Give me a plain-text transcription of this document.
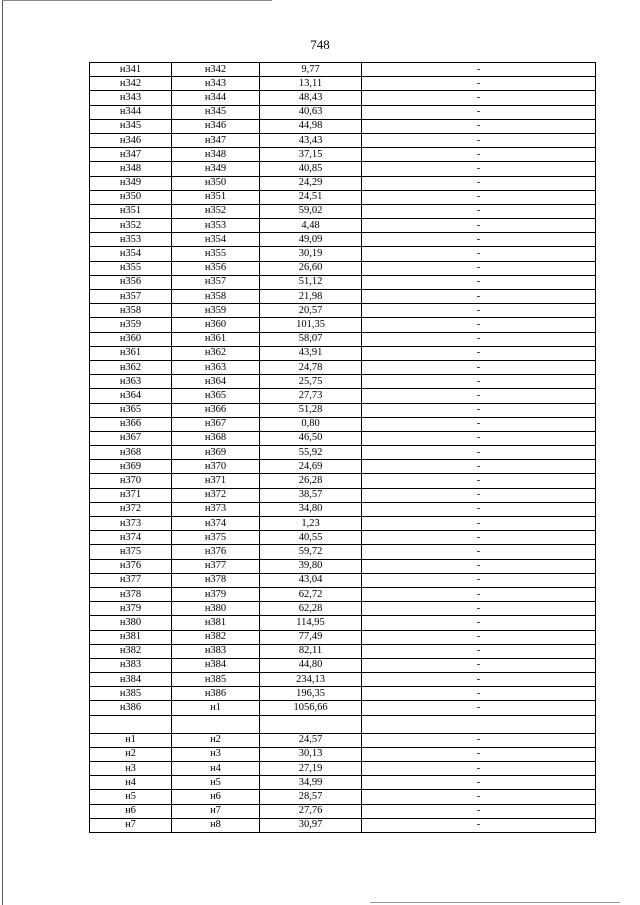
748
н341	н342	9,77	-
н342	н343	13,11	-
н343	н344	48,43	-
н344	н345	40,63	-
н345	н346	44,98	-
н346	н347	43,43	-
н347	н348	37,15	-
н348	н349	40,85	-
н349	н350	24,29	-
н350	н351	24,51	-
н351	н352	59,02	-
н352	н353	4,48	-
н353	н354	49,09	-
н354	н355	30,19	-
н355	н356	26,60	-
н356	н357	51,12	-
н357	н358	21,98	-
н358	н359	20,57	-
н359	н360	101,35	-
н360	н361	58,07	-
н361	н362	43,91	-
н362	н363	24,78	-
н363	н364	25,75	-
н364	н365	27,73	-
н365	н366	51,28	-
н366	н367	0,80	-
н367	н368	46,50	-
н368	н369	55,92	-
н369	н370	24,69	-
н370	н371	26,28	-
н371	н372	38,57	-
н372	н373	34,80	-
н373	н374	1,23	-
н374	н375	40,55	-
н375	н376	59,72	-
н376	н377	39,80	-
н377	н378	43,04	-
н378	н379	62,72	-
н379	н380	62,28	-
н380	н381	114,95	-
н381	н382	77,49	-
н382	н383	82,11	-
н383	н384	44,80	-
н384	н385	234,13	-
н385	н386	196,35	-
н386	н1	1056,66	-

н1	н2	24,57	-
н2	н3	30,13	-
н3	н4	27,19	-
н4	н5	34,99	-
н5	н6	28,57	-
н6	н7	27,76	-
н7	н8	30,97	-
